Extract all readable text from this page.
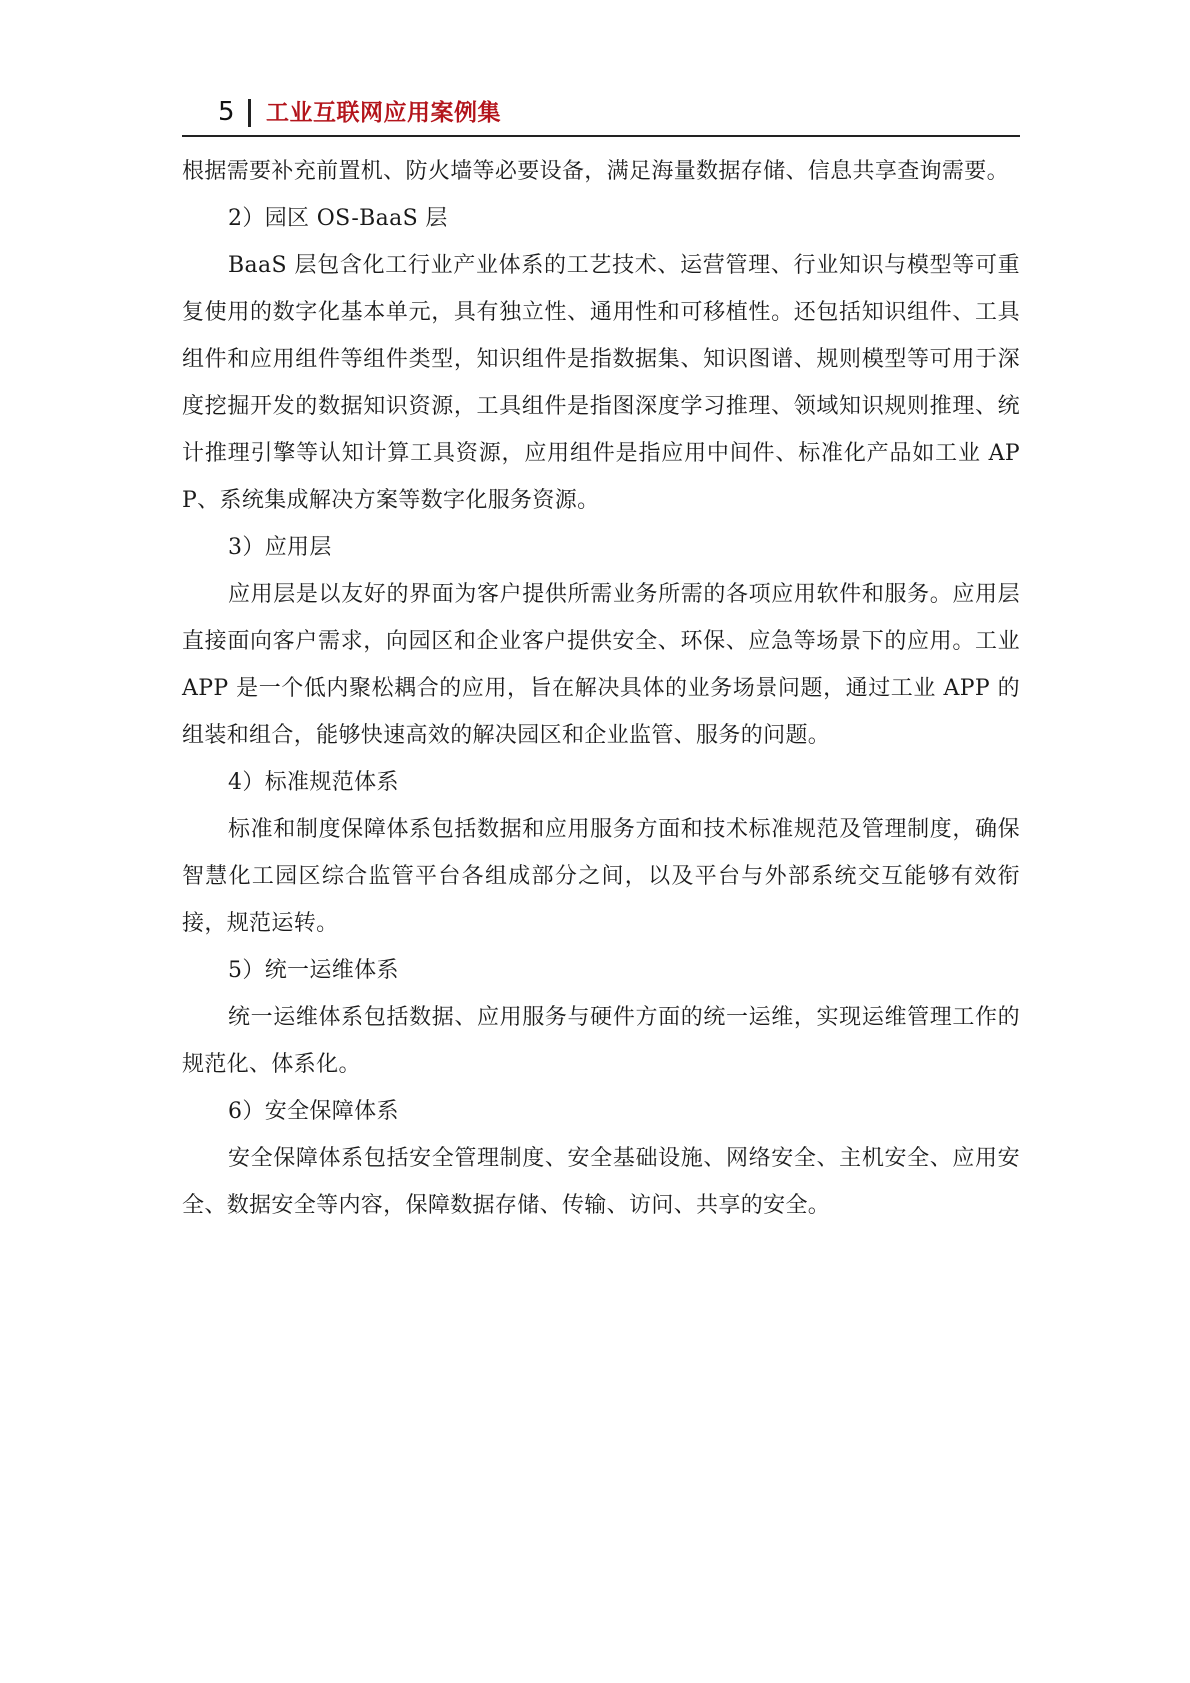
5 工业互联网应用案例集

根据需要补充前置机、防火墙等必要设备，满足海量数据存储、信息共享查询需要。

2）园区 OS-BaaS 层

BaaS 层包含化工行业产业体系的工艺技术、运营管理、行业知识与模型等可重复使用的数字化基本单元，具有独立性、通用性和可移植性。还包括知识组件、工具组件和应用组件等组件类型，知识组件是指数据集、知识图谱、规则模型等可用于深度挖掘开发的数据知识资源，工具组件是指图深度学习推理、领域知识规则推理、统计推理引擎等认知计算工具资源，应用组件是指应用中间件、标准化产品如工业 APP、系统集成解决方案等数字化服务资源。

3）应用层

应用层是以友好的界面为客户提供所需业务所需的各项应用软件和服务。应用层直接面向客户需求，向园区和企业客户提供安全、环保、应急等场景下的应用。工业 APP 是一个低内聚松耦合的应用，旨在解决具体的业务场景问题，通过工业 APP 的组装和组合，能够快速高效的解决园区和企业监管、服务的问题。

4）标准规范体系

标准和制度保障体系包括数据和应用服务方面和技术标准规范及管理制度，确保智慧化工园区综合监管平台各组成部分之间，以及平台与外部系统交互能够有效衔接，规范运转。

5）统一运维体系

统一运维体系包括数据、应用服务与硬件方面的统一运维，实现运维管理工作的规范化、体系化。

6）安全保障体系

安全保障体系包括安全管理制度、安全基础设施、网络安全、主机安全、应用安全、数据安全等内容，保障数据存储、传输、访问、共享的安全。
